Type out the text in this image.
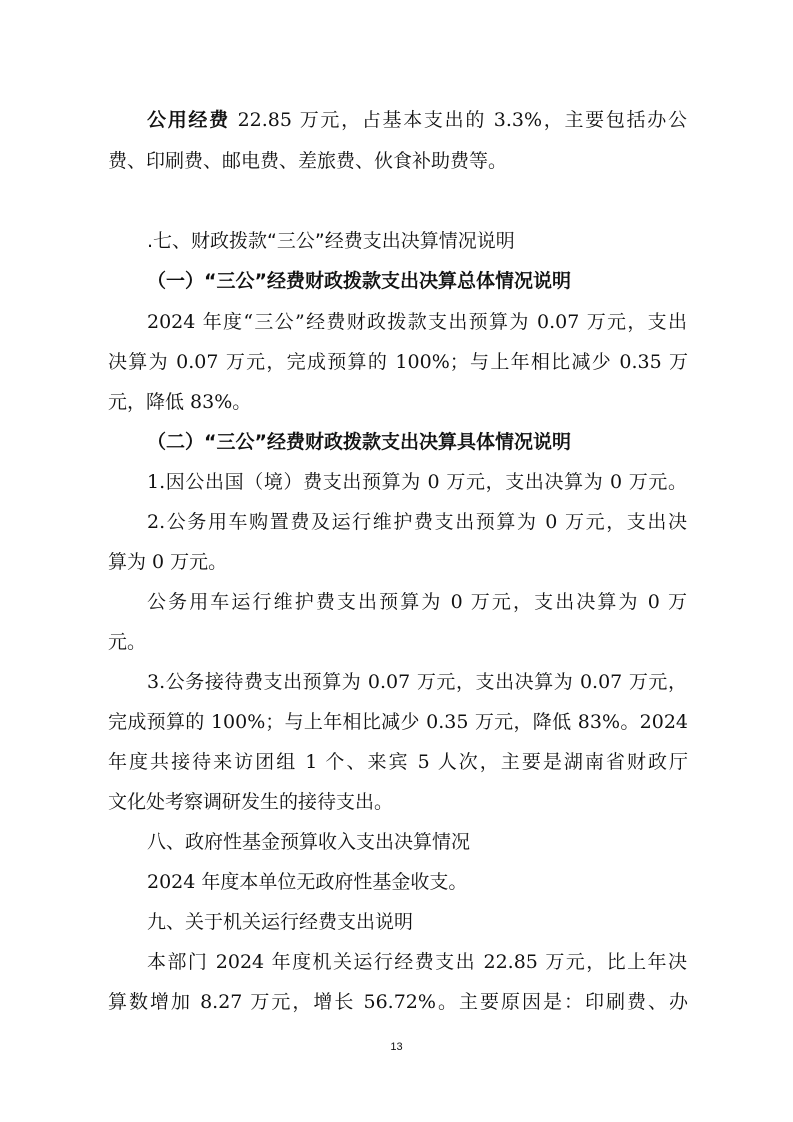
公用经费 22.85 万元，占基本支出的 3.3%，主要包括办公
费、印刷费、邮电费、差旅费、伙食补助费等。
.七、财政拨款“三公”经费支出决算情况说明
（一）“三公”经费财政拨款支出决算总体情况说明
2024 年度“三公”经费财政拨款支出预算为 0.07 万元，支出
决算为 0.07 万元，完成预算的 100%；与上年相比减少 0.35 万
元，降低 83%。
（二）“三公”经费财政拨款支出决算具体情况说明
1.因公出国（境）费支出预算为 0 万元，支出决算为 0 万元。
2.公务用车购置费及运行维护费支出预算为 0 万元，支出决
算为 0 万元。
公务用车运行维护费支出预算为 0 万元，支出决算为 0 万
元。
3.公务接待费支出预算为 0.07 万元，支出决算为 0.07 万元，
完成预算的 100%；与上年相比减少 0.35 万元，降低 83%。2024
年度共接待来访团组 1 个、来宾 5 人次，主要是湖南省财政厅
文化处考察调研发生的接待支出。
八、政府性基金预算收入支出决算情况
2024 年度本单位无政府性基金收支。
九、关于机关运行经费支出说明
本部门 2024 年度机关运行经费支出 22.85 万元，比上年决
算数增加 8.27 万元，增长 56.72%。主要原因是：印刷费、办
13
